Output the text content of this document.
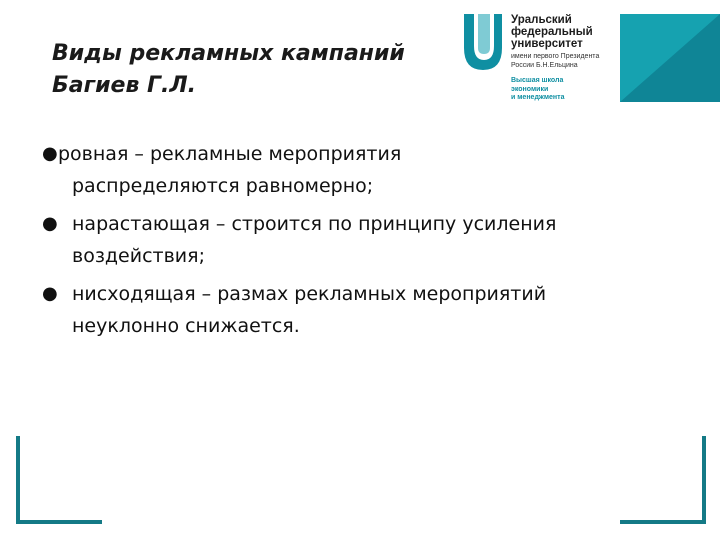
Виды рекламных кампаний
Багиев Г.Л.
Уральский
федеральный
университет
имени первого Президента
России Б.Н.Ельцина
Высшая школа
экономики
и менеджмента
● ровная – рекламные мероприятия
распределяются равномерно;
● нарастающая – строится по принципу усиления
воздействия;
● нисходящая – размах рекламных мероприятий
неуклонно снижается.
